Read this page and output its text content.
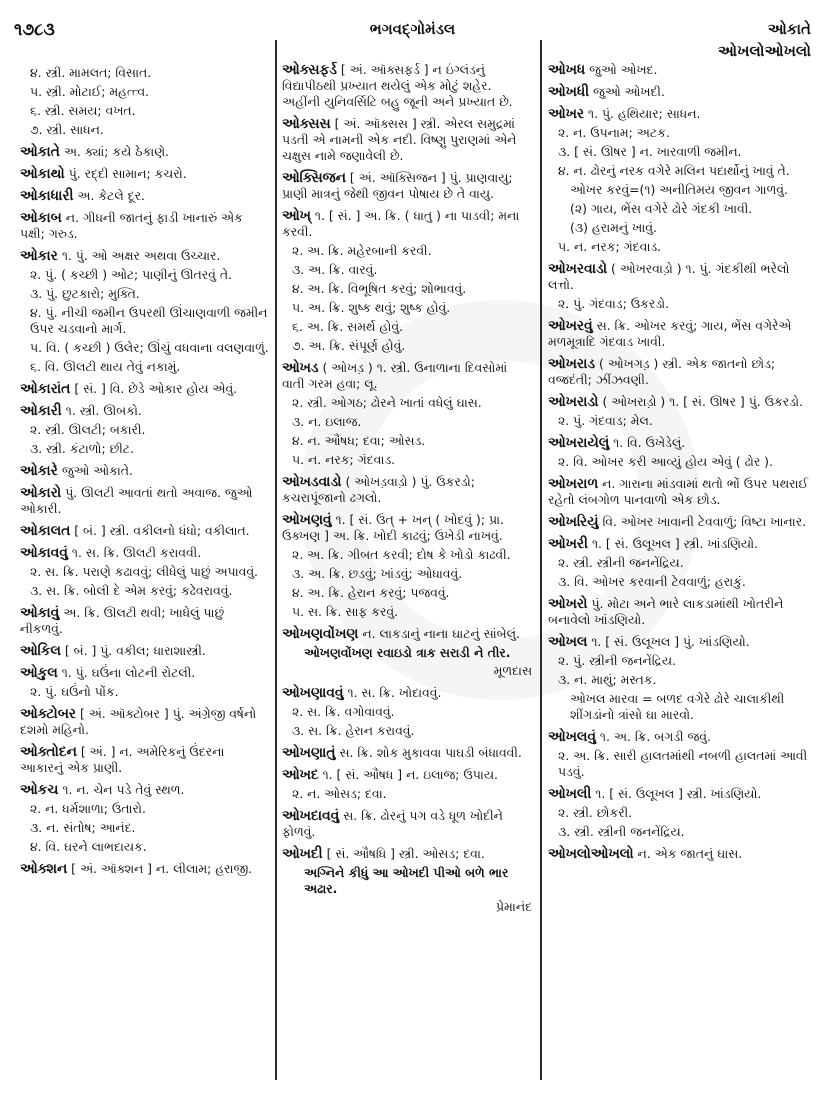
૧૭૮૩	ભગવદ્ગોમંડલ	ઓકાતે
ઓખલોઓખલો
૪. સ્ત્રી. મામલત; વિસાત.
૫. સ્ત્રી. મોટાઈ; મહત્ત્વ.
૬. સ્ત્રી. સમય; વખત.
૭. સ્ત્રી. સાધન.
ઓકાતે અ. ક્યાં; કયે ઠેકાણે.
ઓકાથો પું. રદ્દી સામાન; કચરો.
ઓકાધારી અ. કેટલે દૂર.
ઓકાબ ન. ગીધની જાતનું ફાડી ખાનારું એક પક્ષી; ગરુડ.
ઓકાર ૧. પું. ઓ અક્ષર અથવા ઉચ્ચાર.
૨. પું. ( કચ્છી ) ઓટ; પાણીનું ઊતરવું તે.
૩. પું. છુટકારો; મુક્તિ.
૪. પું. નીચી જમીન ઉપરથી ઊંચાણવાળી જમીન ઉપર ચડવાનો માર્ગ.
૫. વિ. ( કચ્છી ) ઉલેર; ઊંચું વધવાના વલણવાળું.
૬. વિ. ઊલટી થાય તેવું નકામું.
ઓકારાંત [ સં. ] વિ. છેડે ઓકાર હોય એવું.
ઓકારી ૧. સ્ત્રી. ઊબકો.
૨. સ્ત્રી. ઊલટી; બકારી.
૩. સ્ત્રી. કંટાળો; છીટ.
ઓકારે જુઓ ઓકાતે.
ઓકારો પું. ઊલટી આવતાં થતો અવાજ. જુઓ ઓકારી.
ઓકાલત [ બં. ] સ્ત્રી. વકીલનો ધંધો; વકીલાત.
ઓકાવવું ૧. સ. ક્રિ. ઊલટી કરાવવી.
૨. સ. ક્રિ. પરાણે કઢાવવું; લીધેલું પાછું અપાવવું.
૩. સ. ક્રિ. બોલી દે એમ કરવું; કઢેવરાવવું.
ઓકાવું અ. ક્રિ. ઊલટી થવી; ખાધેલું પાછું નીકળવું.
ઓકિલ [ બં. ] પું. વકીલ; ધારાશાસ્ત્રી.
ઓકુલ ૧. પું. ઘઉંના લોટની રોટલી.
૨. પું. ઘઉંનો પોંક.
ઓક્ટોબર [ અં. ઑક્ટોબર ] પું. અંગ્રેજી વર્ષનો દશમો મહિનો.
ઓક્તોદન [ અં. ] ન. અમેરિકનું ઉંદરના આકારનું એક પ્રાણી.
ઓકચ ૧. ન. ચેન પડે તેવું સ્થળ.
૨. ન. ધર્મશાળા; ઉતારો.
૩. ન. સંતોષ; આનંદ.
૪. વિ. ઘરને લાભદાયક.
ઓક્શન [ અં. ઑક્શન ] ન. લીલામ; હરાજી.
ઓક્સફર્ડ [ અં. ઑક્સફર્ડ ] ન ઇંગ્લંડનું વિદ્યાપીઠથી પ્રખ્યાત થયેલું એક મોટું શહેર. અહીંની યુનિવર્સિટિ બહુ જૂની અને પ્રખ્યાત છે.
ઓક્સસ [ અં. ઑક્સસ ] સ્ત્રી. એરલ સમુદ્રમાં પડતી એ નામની એક નદી. વિષ્ણુ પુરાણમાં એને ચક્ષુસ નામે જણાવેલી છે.
ઓક્સિજન [ અં. ઑક્સિજન ] પું. પ્રાણવાયુ; પ્રાણી માત્રનું જેથી જીવન પોષાય છે તે વાયુ.
ઓખ્ ૧. [ સં. ] અ. ક્રિ. ( ધાતુ ) ના પાડવી; મના કરવી.
૨. અ. ક્રિ. મહેરબાની કરવી.
૩. અ. ક્રિ. વારવું.
૪. અ. ક્રિ. વિભૂષિત કરવું; શોભાવવું.
૫. અ. ક્રિ. શુષ્ક થવું; શુષ્ક હોવું.
૬. અ. ક્રિ. સમર્થ હોવું.
૭. અ. ક્રિ. સંપૂર્ણ હોવું.
ઓખડ ( ઓખડ઼ ) ૧. સ્ત્રી. ઉનાળાના દિવસોમાં વાતી ગરમ હવા; લૂ.
૨. સ્ત્રી. ઓગઠ; ઢોરને ખાતાં વધેલું ઘાસ.
૩. ન. ઇલાજ.
૪. ન. ઔષધ; દવા; ઓસડ.
૫. ન. નરક; ગંદવાડ.
ઓખડવાડો ( ઓખડ઼વાડ઼ો ) પું. ઉકરડો; કચરાપૂંજાનો ઢગલો.
ઓખણવું ૧. [ સં. ઉત્ + ખન્ ( ખોદવું ); પ્રા. ઉક્ખણ ] અ. ક્રિ. ખોદી કાઢવું; ઉખેડી નાખવું.
૨. અ. ક્રિ. ગીબત કરવી; દોષ કે ખોડો કાઢવી.
૩. અ. ક્રિ. છડવું; ખાંડવું; ઓધાવવું.
૪. અ. ક્રિ. હેરાન કરવું; પજવવું.
૫. સ. ક્રિ. સાફ કરવું.
ઓખણવોંખણ ન. લાકડાનું નાના ઘાટનું સાંબેલું.
ઓખણવોંખણ રવાઇડો ત્રાક સરાડી ને તીર.
મૂળદાસ
ઓખણાવવું ૧. સ. ક્રિ. ખોદાવવું.
૨. સ. ક્રિ. વગોવાવવું.
૩. સ. ક્રિ. હેરાન કરાવવું.
ઓખણાતું સ. ક્રિ. શોક મુકાવવા પાઘડી બંધાવવી.
ઓખદ ૧. [ સં. ઔષધ ] ન. ઇલાજ; ઉપાય.
૨. ન. ઓસડ; દવા.
ઓખદાવવું સ. ક્રિ. ઢોરનું પગ વડે ધૂળ ખોદીને ફોળવું.
ઓખદી [ સં. ઔષધિ ] સ્ત્રી. ઓસડ; દવા.
અગ્નિને કીધું આ ઓખદી પીઓ બળે ભાર અઢાર.
પ્રેમાનંદ
ઓખધ જુઓ ઓખદ.
ઓખધી જુઓ ઓખદી.
ઓખર ૧. પું. હથિયાર; સાધન.
૨. ન. ઉપનામ; અટક.
૩. [ સં. ઊષર ] ન. ખારવાળી જમીન.
૪. ન. ઢોરનું નરક વગેરે મલિન પદાર્થોનું ખાવું તે.
ઓખર કરવું=(૧) અનીતિમય જીવન ગાળવું.
(૨) ગાય, ભેંસ વગેરે ઢોરે ગંદકી ખાવી.
(૩) હરામનું ખાવું.
૫. ન. નરક; ગંદવાડ.
ઓખરવાડો ( ઓખરવાડ઼ો ) ૧. પું. ગંદકીથી ભરેલો લત્તો.
૨. પું. ગંદવાડ; ઉકરડો.
ઓખરવું સ. ક્રિ. ઓખર કરવું; ગાય, ભેંસ વગેરેએ મળમૂત્રાદિ ગંદવાડ ખાવી.
ઓખરાડ ( ઓખગડ઼ ) સ્ત્રી. એક જાતનો છોડ; વજ્રદંતી; ઝીંઝવણી.
ઓખરાડો ( ઓખરાડ઼ો ) ૧. [ સં. ઊષર ] પું. ઉકરડો.
૨. પું. ગંદવાડ; મેલ.
ઓખરાયેલું ૧. વિ. ઉખેડેલું.
૨. વિ. ઓખર કરી આવ્યું હોય એવું ( ઢોર ).
ઓખરાળ ન. ગારાના માંડવામાં થતો ભોં ઉપર પથરાઈ રહેતો લંબગોળ પાનવાળો એક છોડ.
ઓખરિયું વિ. ઓખર ખાવાની ટેવવાળું; વિષ્ટા ખાનાર.
ઓખરી ૧. [ સં. ઉલૂખલ ] સ્ત્રી. ખાંડણિયો.
૨. સ્ત્રી. સ્ત્રીની જનનેંદ્રિય.
૩. વિ. ઓખર કરવાની ટેવવાળું; હરાકું.
ઓખરો પું. મોટા અને ભારે લાકડામાંથી ખોતરીને બનાવેલો ખાંડણિયો.
ઓખલ ૧. [ સં. ઉલૂખલ ] પું. ખાંડણિયો.
૨. પું. સ્ત્રીની જનનેંદ્રિય.
૩. ન. માથું; મસ્તક.
ઓખલ મારવા = બળદ વગેરે ઢોરે ચાલાકીથી શીંગડાંનો ત્રાંસો ઘા મારવો.
ઓખલવું ૧. અ. ક્રિ. બગડી જવું.
૨. અ. ક્રિ. સારી હાલતમાંથી નબળી હાલતમાં આવી પડવું.
ઓખલી ૧. [ સં. ઉલૂખલ ] સ્ત્રી. ખાંડણિયો.
૨. સ્ત્રી. છોકરી.
૩. સ્ત્રી. સ્ત્રીની જનનેંદ્રિય.
ઓખલોઓખલો ન. એક જાતનું ઘાસ.
